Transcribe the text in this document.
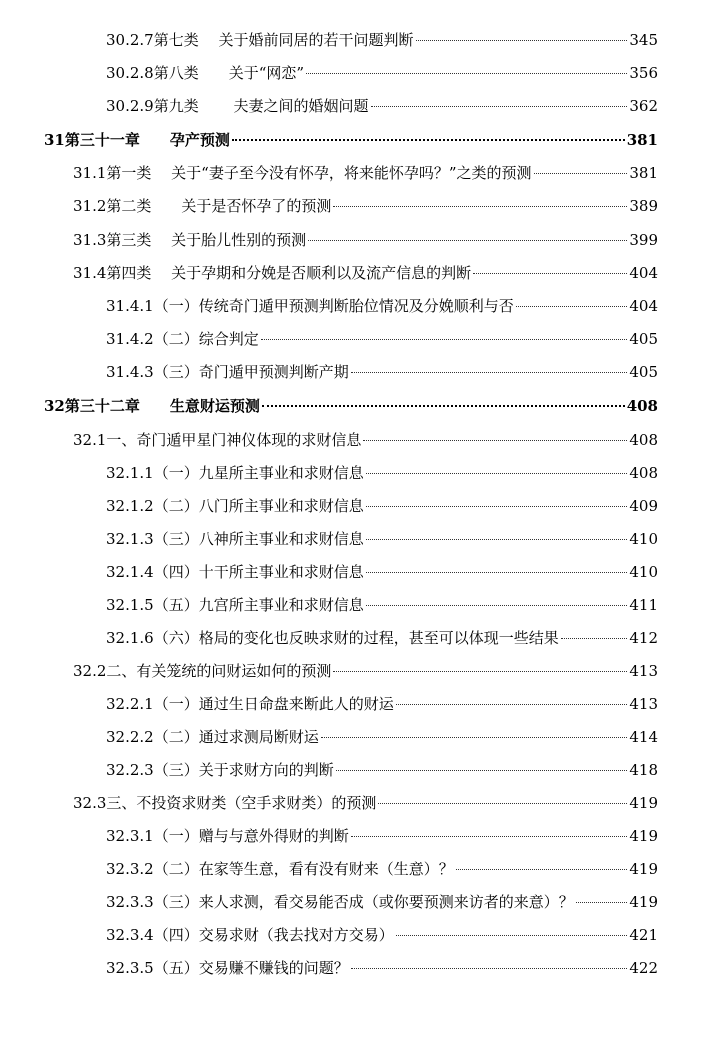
30.2.7 第七类　 关于婚前同居的若干问题判断	345
30.2.8 第八类　　关于“网恋”	356
30.2.9 第九类　　 夫妻之间的婚姻问题	362
31 第三十一章　　孕产预测	381
31.1 第一类　 关于“妻子至今没有怀孕，将来能怀孕吗？”之类的预测	381
31.2 第二类　　关于是否怀孕了的预测	389
31.3 第三类　 关于胎儿性别的预测	399
31.4 第四类　 关于孕期和分娩是否顺利以及流产信息的判断	404
31.4.1 （一）传统奇门遁甲预测判断胎位情况及分娩顺利与否	404
31.4.2 （二）综合判定	405
31.4.3 （三）奇门遁甲预测判断产期	405
32 第三十二章　　生意财运预测	408
32.1 一、奇门遁甲星门神仪体现的求财信息	408
32.1.1 （一）九星所主事业和求财信息	408
32.1.2 （二）八门所主事业和求财信息	409
32.1.3 （三）八神所主事业和求财信息	410
32.1.4 （四）十干所主事业和求财信息	410
32.1.5 （五）九宫所主事业和求财信息	411
32.1.6 （六）格局的变化也反映求财的过程，甚至可以体现一些结果	412
32.2 二、有关笼统的问财运如何的预测	413
32.2.1 （一）通过生日命盘来断此人的财运	413
32.2.2 （二）通过求测局断财运	414
32.2.3 （三）关于求财方向的判断	418
32.3 三、不投资求财类（空手求财类）的预测	419
32.3.1 （一）赠与与意外得财的判断	419
32.3.2 （二）在家等生意，看有没有财来（生意）？	419
32.3.3 （三）来人求测，看交易能否成（或你要预测来访者的来意）？	419
32.3.4 （四）交易求财（我去找对方交易）	421
32.3.5 （五）交易赚不赚钱的问题？	422
